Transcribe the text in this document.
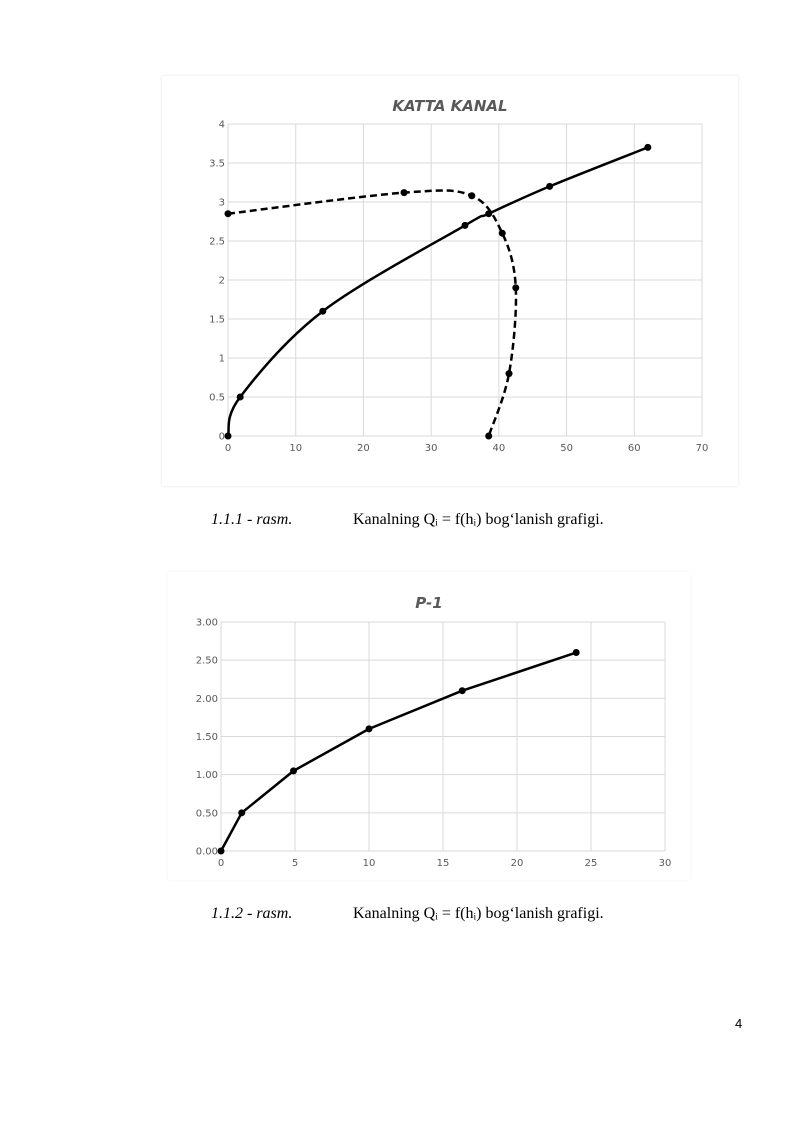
KATTA KANAL
0	10	20	30	40	50	60	70
0
0.5
1
1.5
2
2.5
3
3.5
4
1.1.1 - rasm.	Kanalning Qᵢ = f(hᵢ) bog‘lanish grafigi.
P-1
0	5	10	15	20	25	30
0.00
0.50
1.00
1.50
2.00
2.50
3.00
1.1.2 - rasm.	Kanalning Qᵢ = f(hᵢ) bog‘lanish grafigi.
4
